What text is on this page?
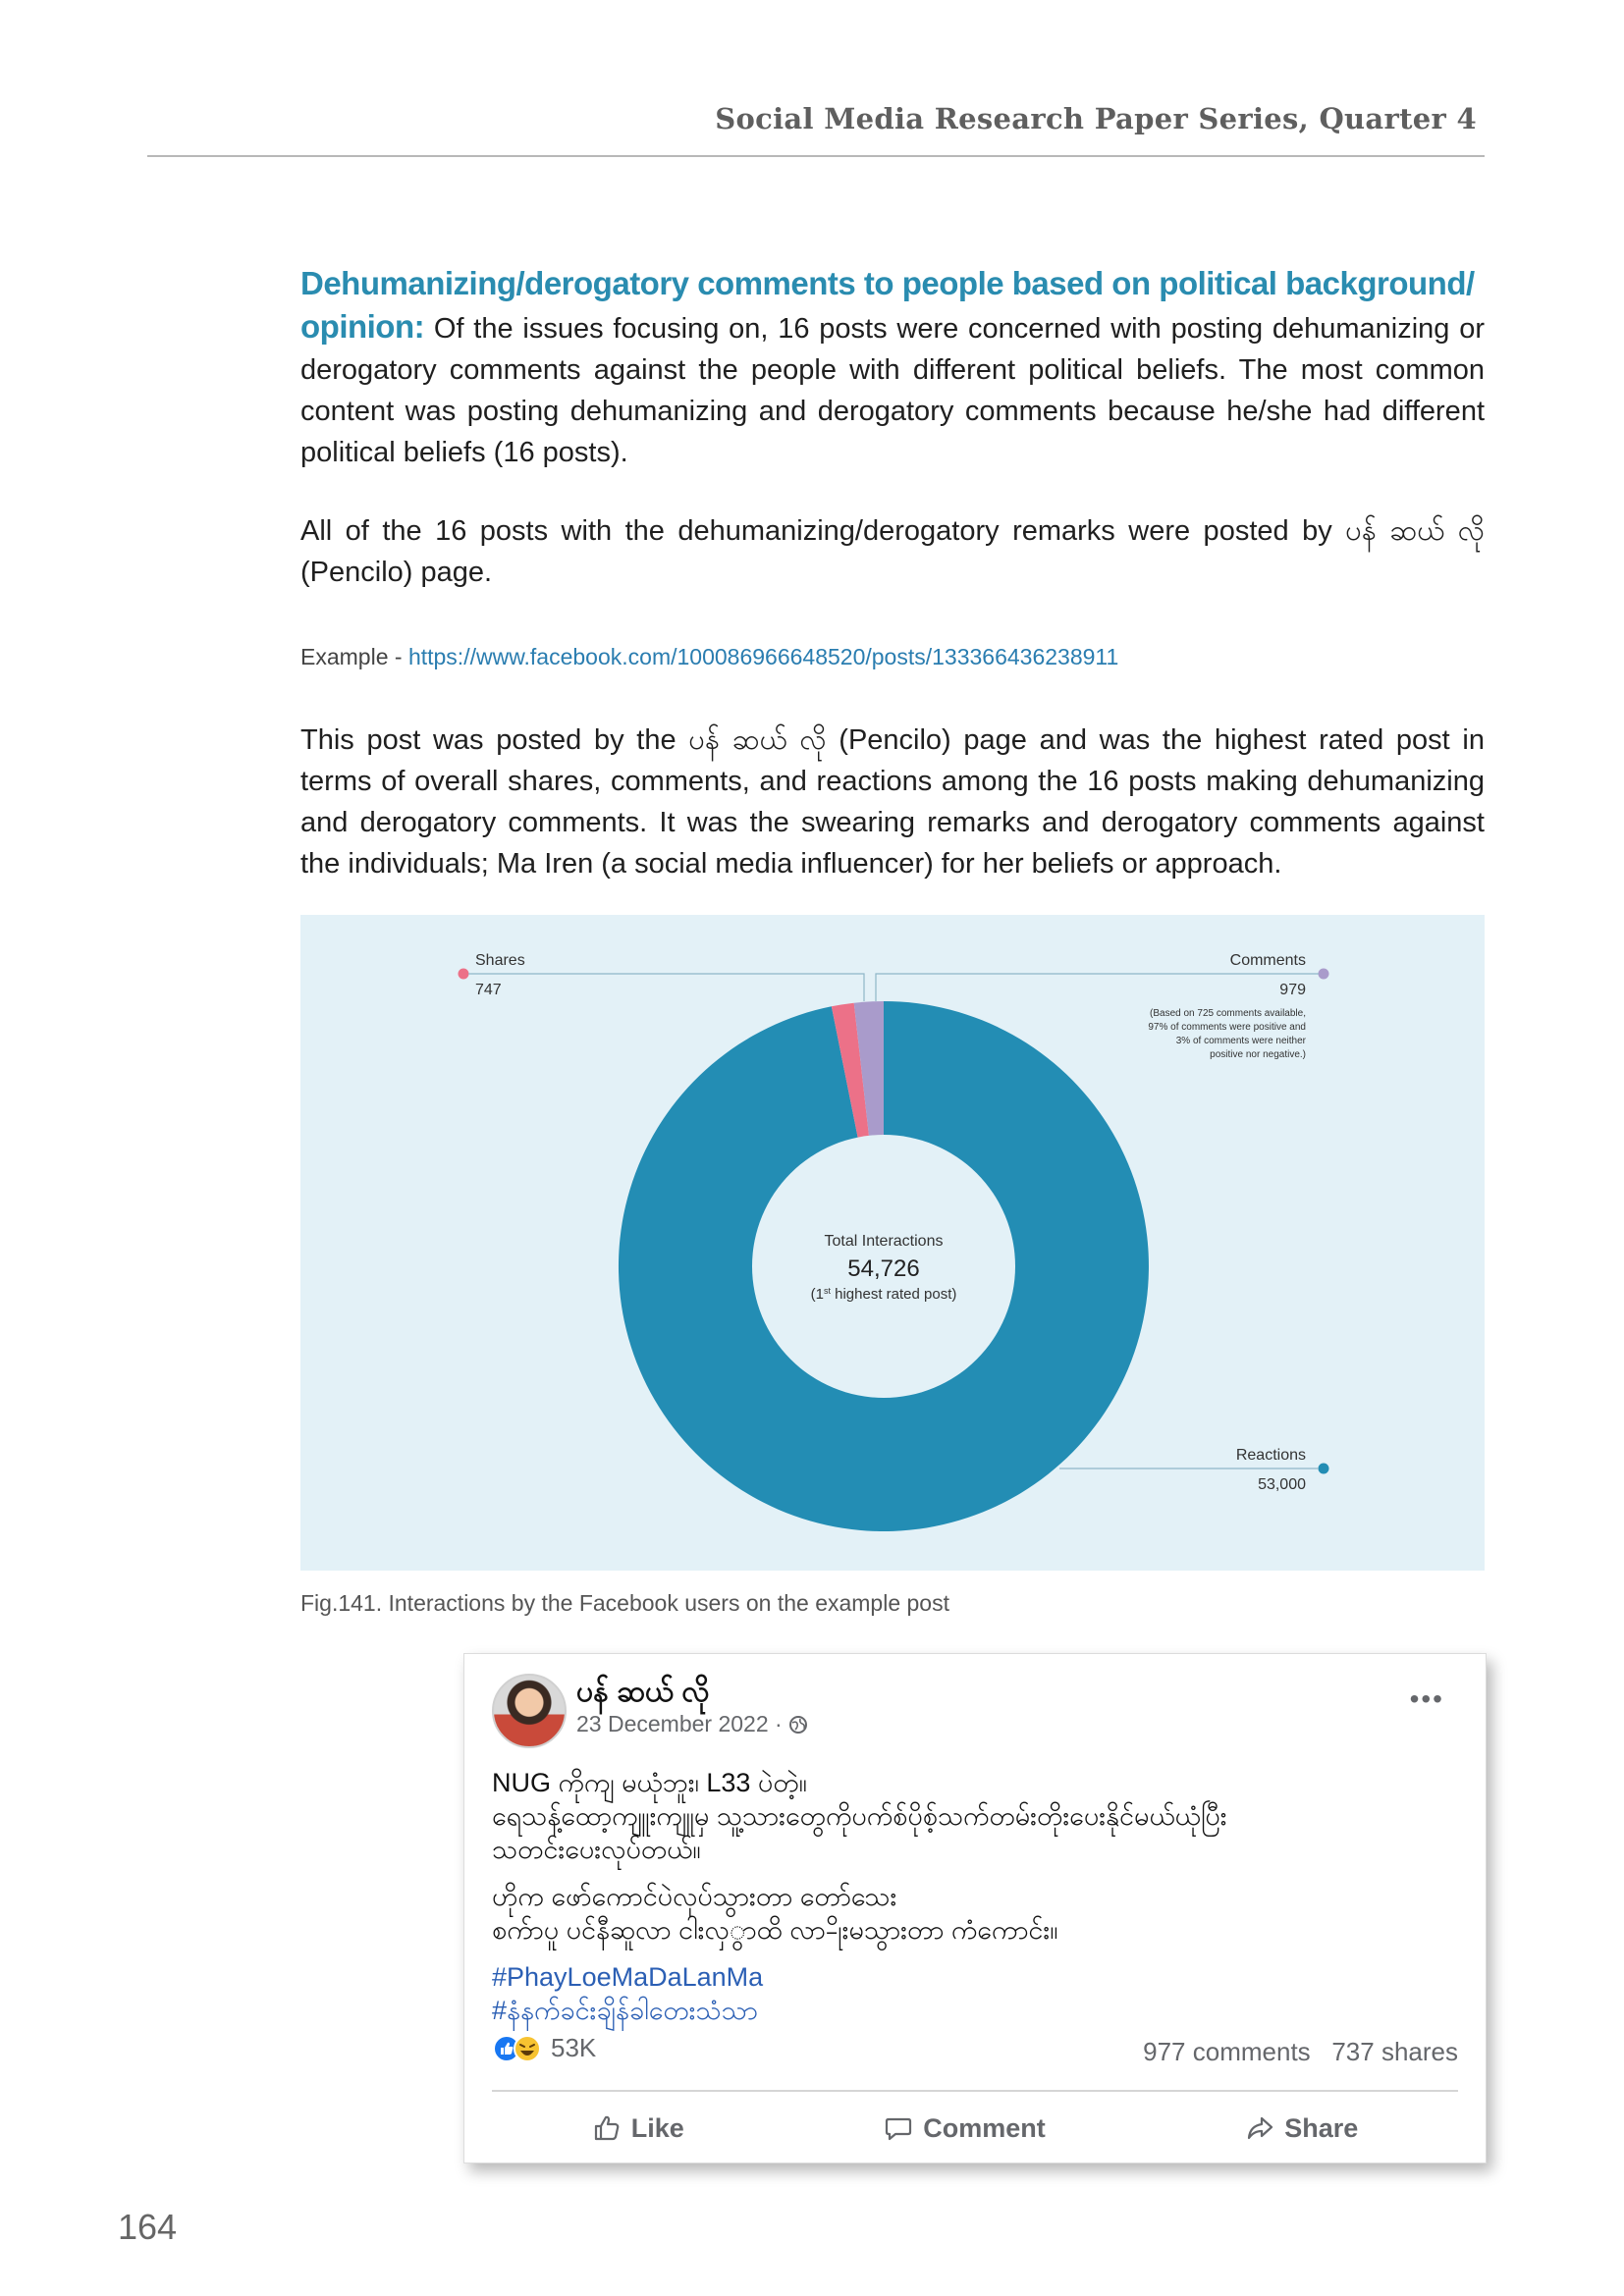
Social Media Research Paper Series, Quarter 4

Dehumanizing/derogatory comments to people based on political background/
opinion: Of the issues focusing on, 16 posts were concerned with posting dehumanizing or derogatory comments against the people with different political beliefs. The most common content was posting dehumanizing and derogatory comments because he/she had different political beliefs (16 posts).

All of the 16 posts with the dehumanizing/derogatory remarks were posted by ပန် ဆယ် လို (Pencilo) page.

Example - https://www.facebook.com/100086966648520/posts/133366436238911

This post was posted by the ပန် ဆယ် လို (Pencilo) page and was the highest rated post in terms of overall shares, comments, and reactions among the 16 posts making dehumanizing and derogatory comments. It was the swearing remarks and derogatory comments against the individuals; Ma Iren (a social media influencer) for her beliefs or approach.

Total Interactions
54,726
(1st highest rated post)
Shares
747
Comments
979
(Based on 725 comments available,
97% of comments were positive and
3% of comments were neither
positive nor negative.)
Reactions
53,000
Fig.141. Interactions by the Facebook users on the example post
ပန် ဆယ် လို
23 December 2022 ·
•••
NUG ကိုကျ မယုံဘူး၊ L33 ပဲတဲ့။
ရေသန့်ထော့ကျူးကျူမှ သူ့သားတွေကိုပက်စ်ပိုစ့်သက်တမ်းတိုးပေးနိုင်မယ်ယုံပြီး
သတင်းပေးလုပ်တယ်။
ဟိုက ဖော်ကောင်ပဲလုပ်သွားတာ တော်သေး
စက်ာပူ ပင်နီဆူလာ ငါးလှွာထိ လာ-ိုးမသွားတာ ကံကောင်း။
#PhayLoeMaDaLanMa
#နံနက်ခင်းချိန်ခါတေးသံသာ
53K	977 comments 737 shares
Like	Comment	Share
164
